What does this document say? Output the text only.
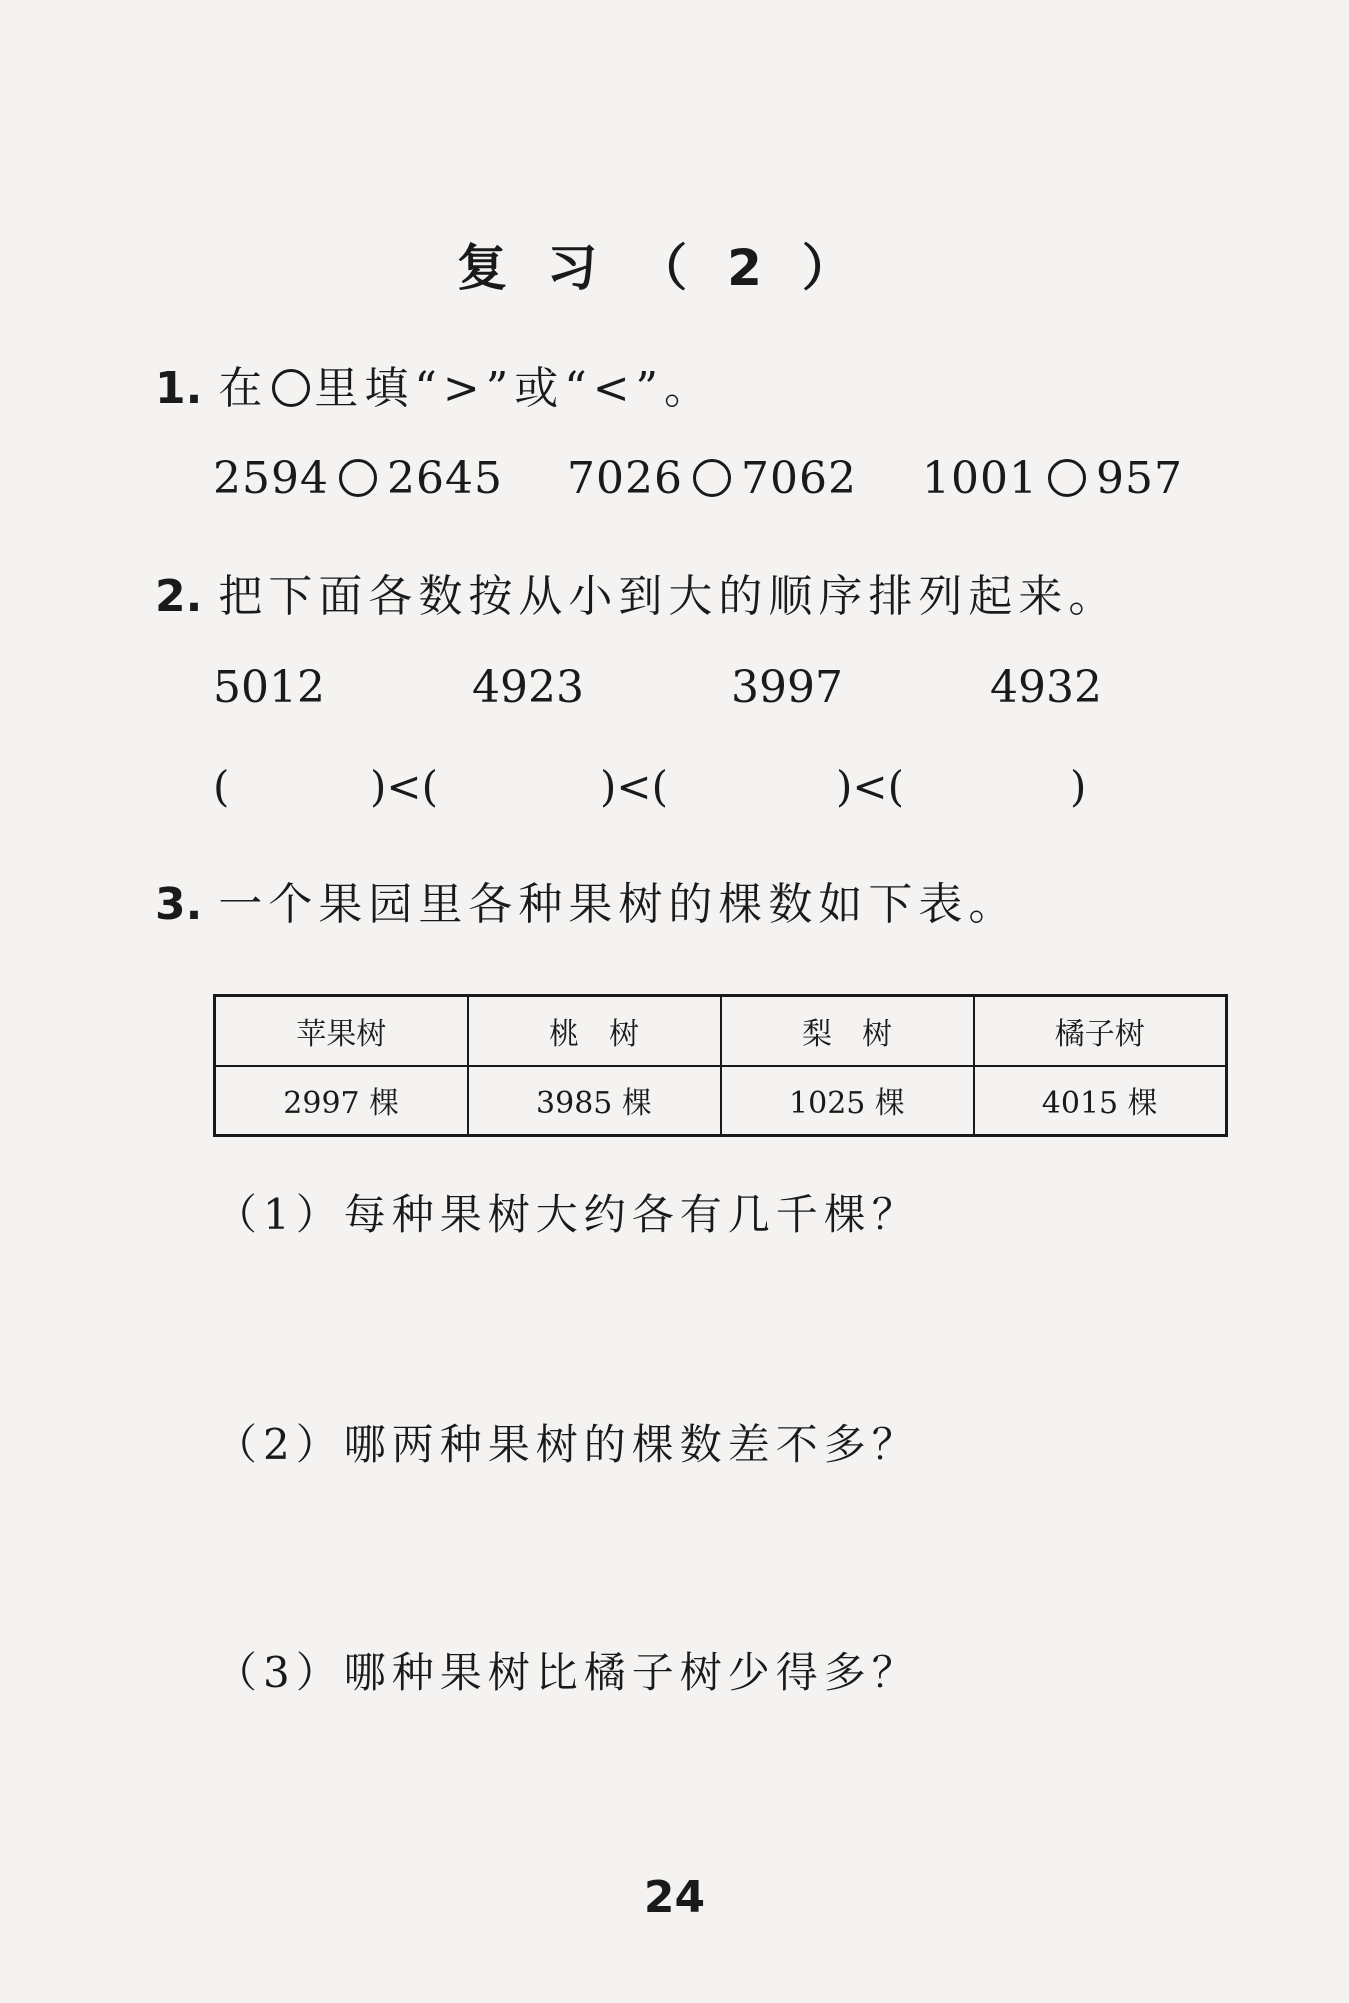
复习（2）
1. 在 里填“>”或“<”。
2594 2645 7026 7062 1001 957
2. 把下面各数按从小到大的顺序排列起来。
5012	4923	3997	4932
(	)<(	)<(	)<(	)
3. 一个果园里各种果树的棵数如下表。
苹果树	桃　树	梨　树	橘子树
2997 棵	3985 棵	1025 棵	4015 棵
（1）每种果树大约各有几千棵？
（2）哪两种果树的棵数差不多？
（3）哪种果树比橘子树少得多？
24
